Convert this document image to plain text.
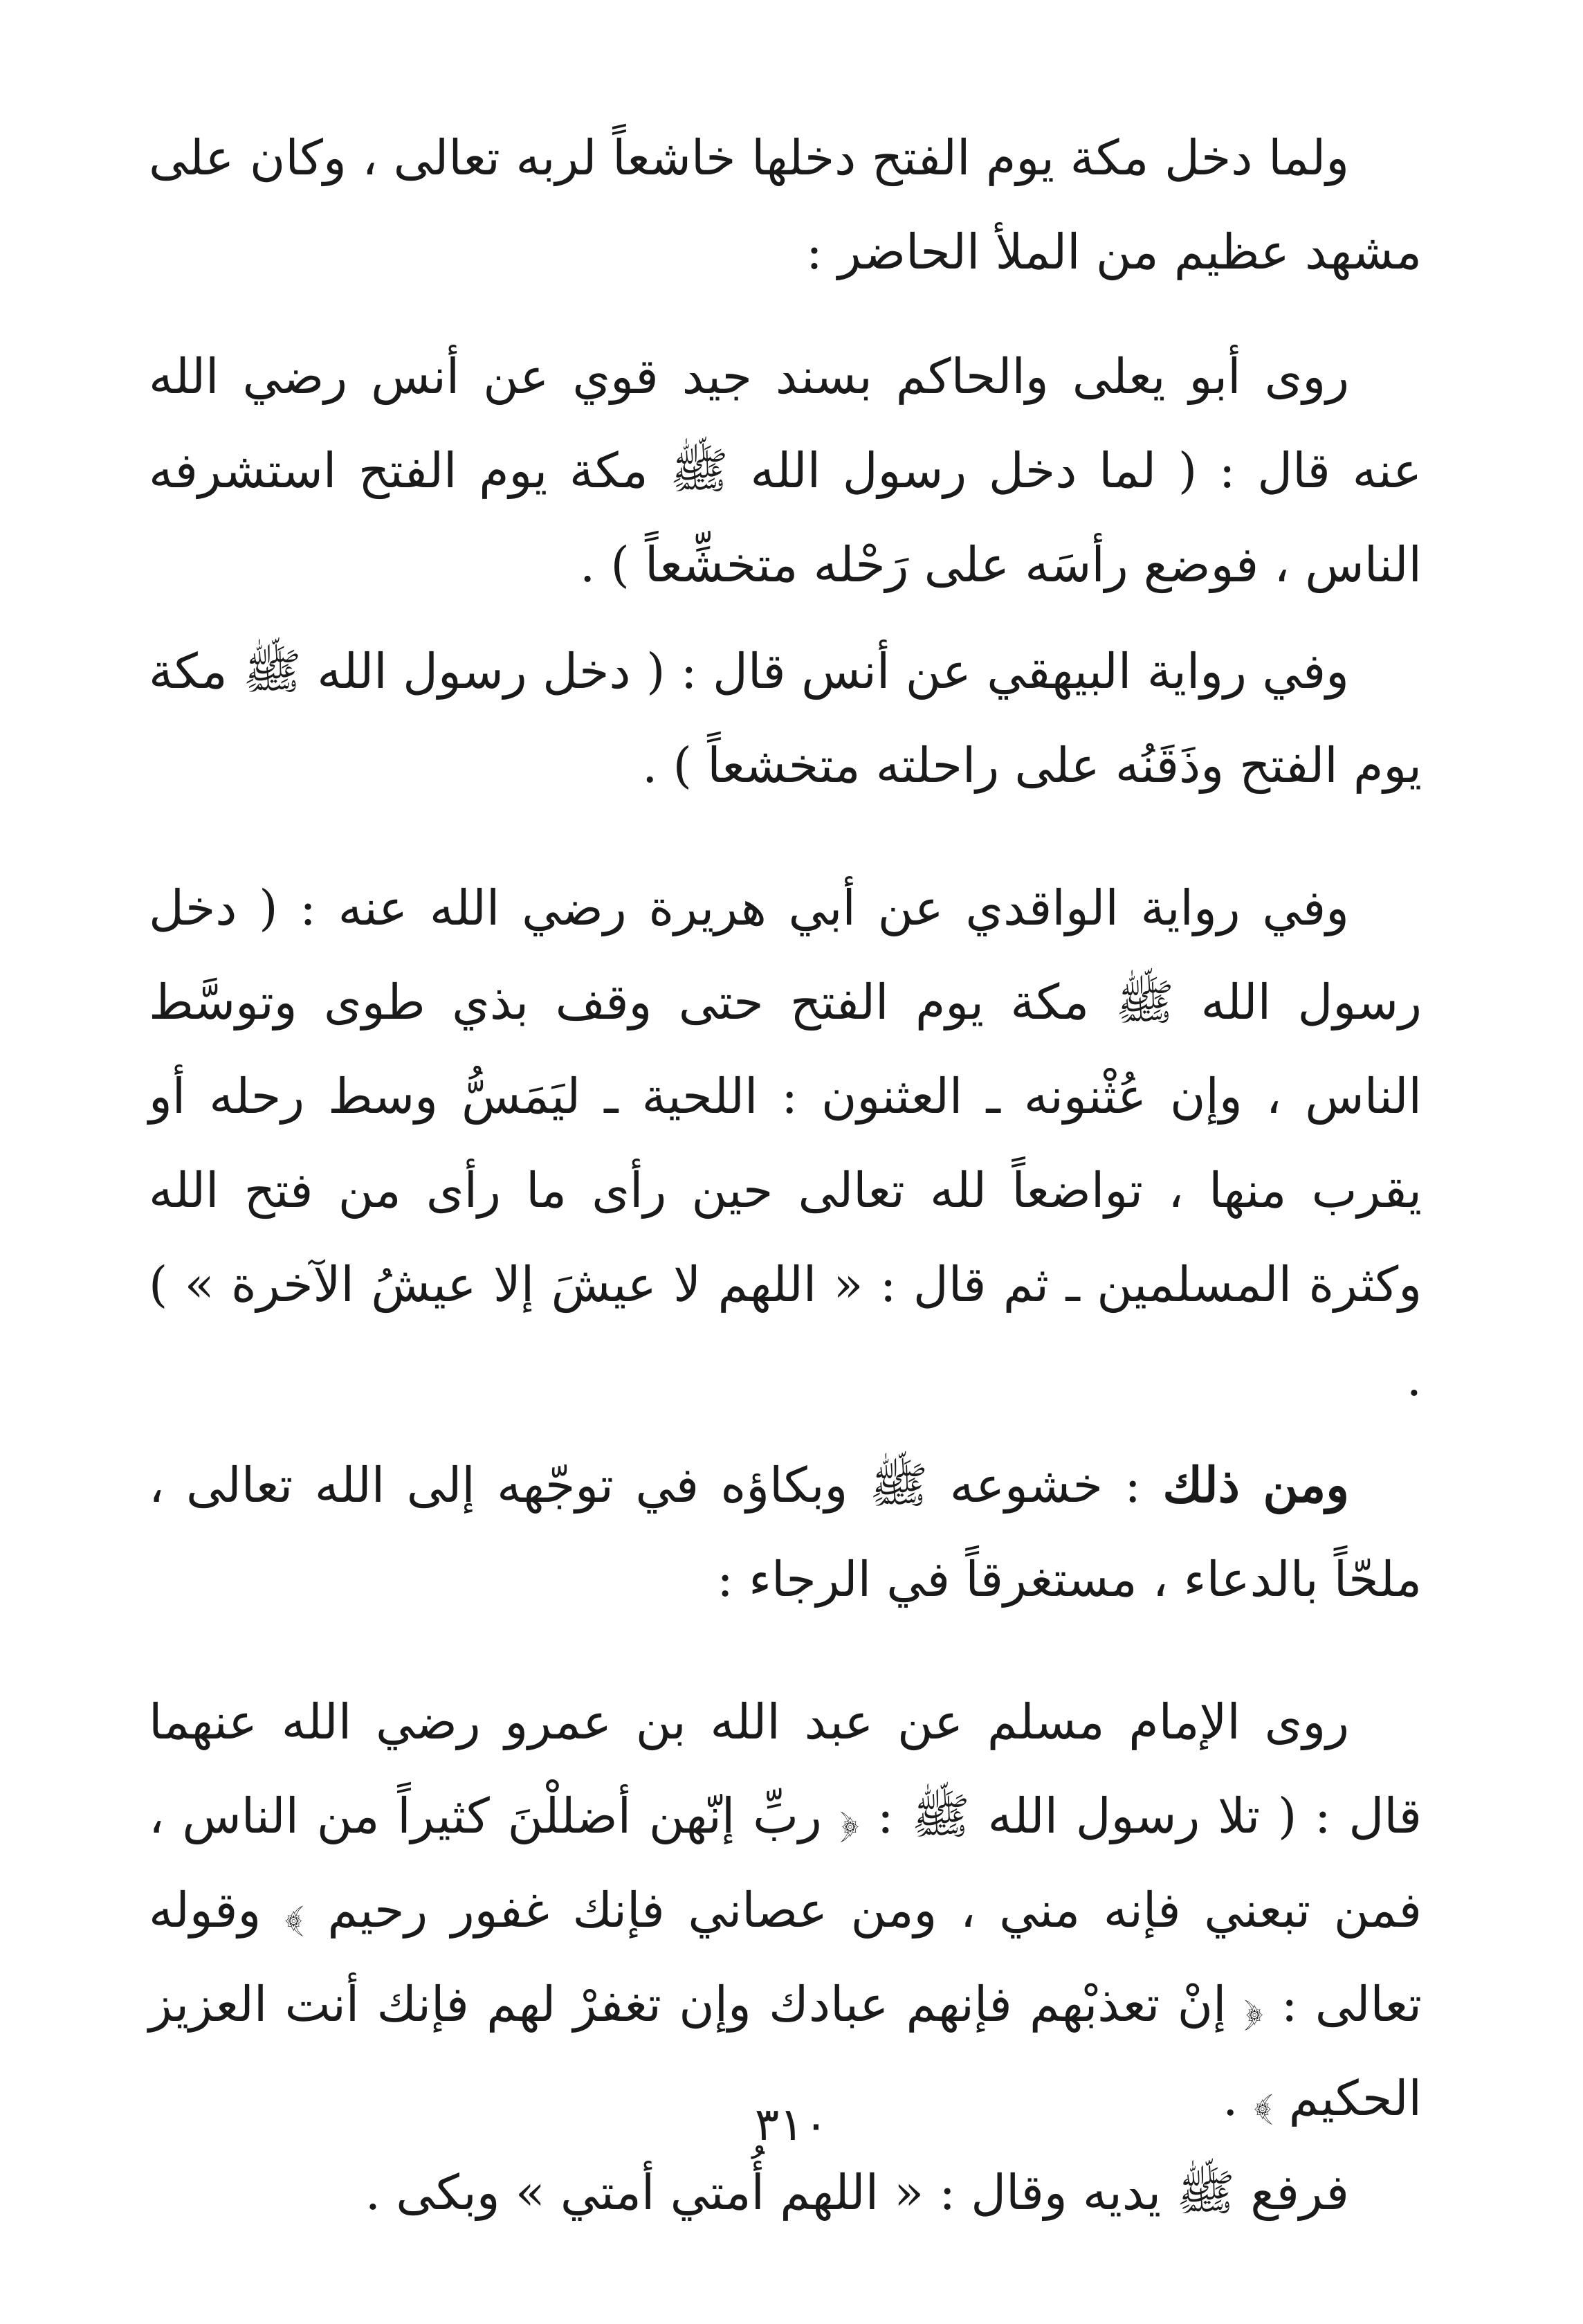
ولما دخل مكة يوم الفتح دخلها خاشعاً لربه تعالى ، وكان على مشهد عظيم من الملأ الحاضر :

روى أبو يعلى والحاكم بسند جيد قوي عن أنس رضي الله عنه قال : ( لما دخل رسول الله ﷺ مكة يوم الفتح استشرفه الناس ، فوضع رأسَه على رَحْله متخشِّعاً ) .

وفي رواية البيهقي عن أنس قال : ( دخل رسول الله ﷺ مكة يوم الفتح وذَقَنُه على راحلته متخشعاً ) .

وفي رواية الواقدي عن أبي هريرة رضي الله عنه : ( دخل رسول الله ﷺ مكة يوم الفتح حتى وقف بذي طوى وتوسَّط الناس ، وإن عُثْنونه ـ العثنون : اللحية ـ ليَمَسُّ وسط رحله أو يقرب منها ، تواضعاً لله تعالى حين رأى ما رأى من فتح الله وكثرة المسلمين ـ ثم قال : « اللهم لا عيشَ إلا عيشُ الآخرة » ) .

ومن ذلك : خشوعه ﷺ وبكاؤه في توجّهه إلى الله تعالى ، ملحّاً بالدعاء ، مستغرقاً في الرجاء :

روى الإمام مسلم عن عبد الله بن عمرو رضي الله عنهما قال : ( تلا رسول الله ﷺ : ﴿ ربِّ إنّهن أضللْنَ كثيراً من الناس ، فمن تبعني فإنه مني ، ومن عصاني فإنك غفور رحيم ﴾ وقوله تعالى : ﴿ إنْ تعذبْهم فإنهم عبادك وإن تغفرْ لهم فإنك أنت العزيز الحكيم ﴾ .

فرفع ﷺ يديه وقال : « اللهم أُمتي أمتي » وبكى .

٣١٠
